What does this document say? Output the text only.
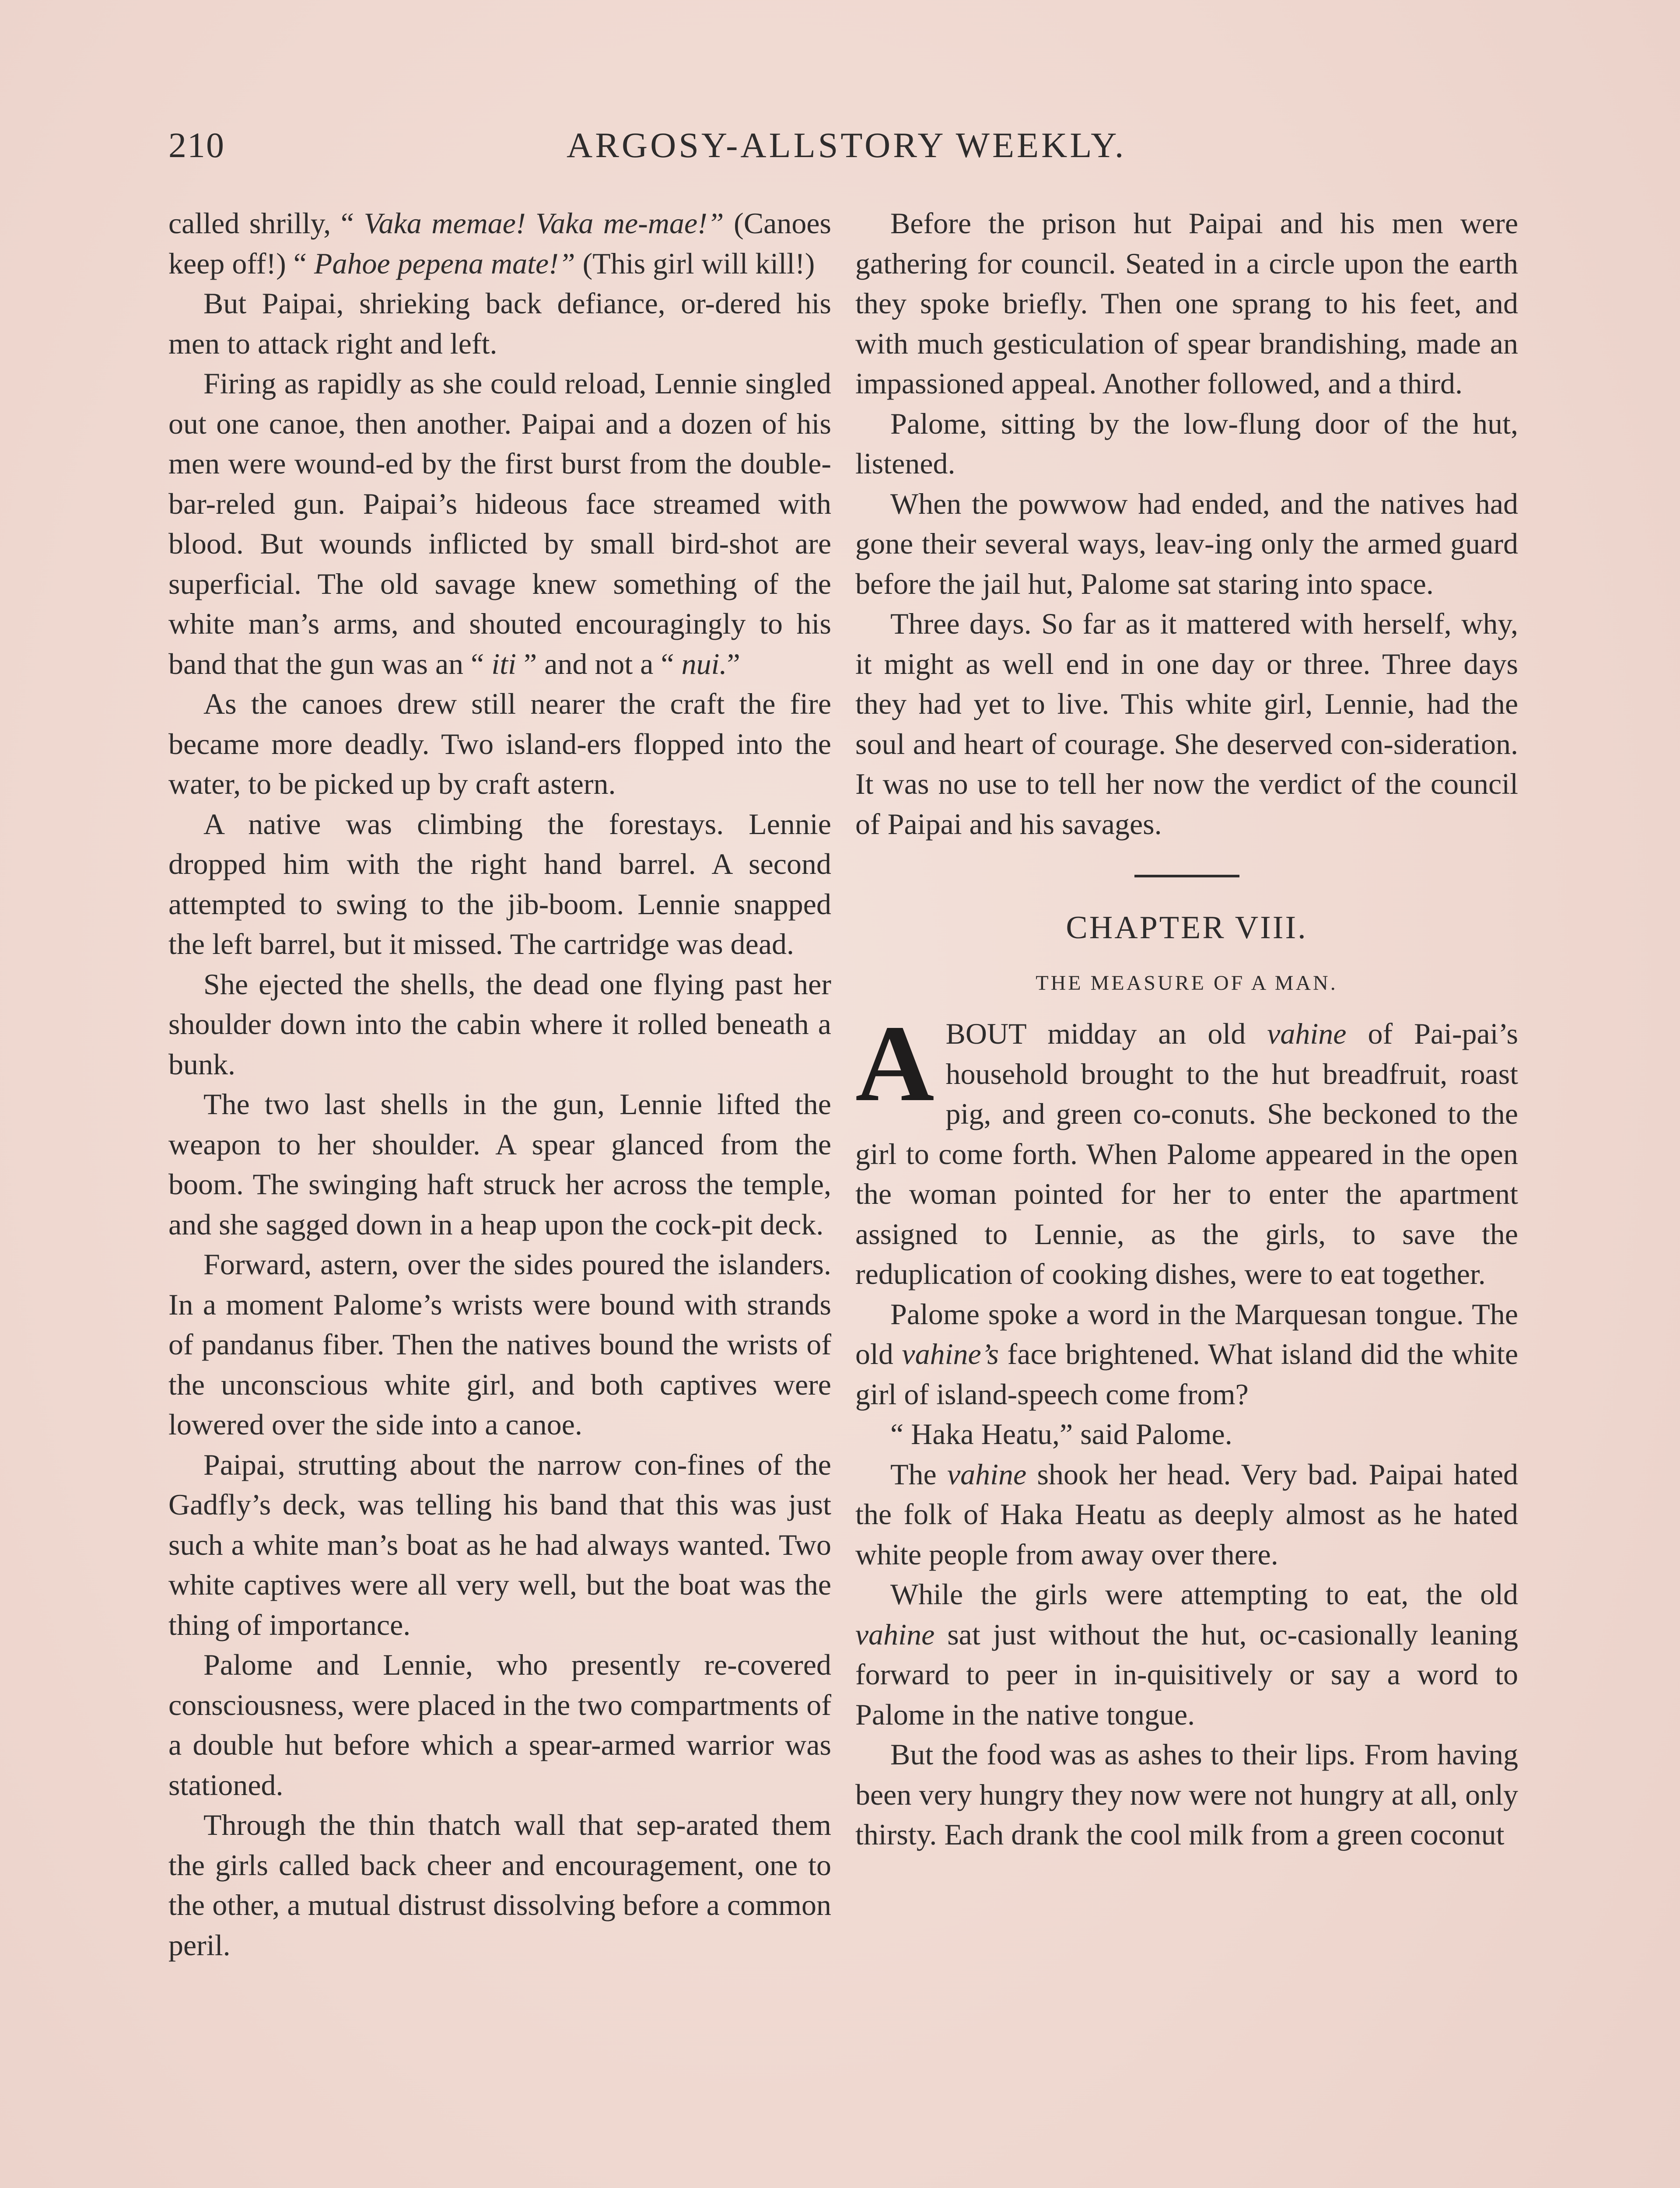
210	ARGOSY-ALLSTORY WEEKLY.

called shrilly, “ Vaka memae! Vaka me-mae!” (Canoes keep off!) “ Pahoe pepena mate!” (This girl will kill!)

But Paipai, shrieking back defiance, or-dered his men to attack right and left.

Firing as rapidly as she could reload, Lennie singled out one canoe, then another. Paipai and a dozen of his men were wound-ed by the first burst from the double-bar-reled gun. Paipai’s hideous face streamed with blood. But wounds inflicted by small bird-shot are superficial. The old savage knew something of the white man’s arms, and shouted encouragingly to his band that the gun was an “ iti ” and not a “ nui.”

As the canoes drew still nearer the craft the fire became more deadly. Two island-ers flopped into the water, to be picked up by craft astern.

A native was climbing the forestays. Lennie dropped him with the right hand barrel. A second attempted to swing to the jib-boom. Lennie snapped the left barrel, but it missed. The cartridge was dead.

She ejected the shells, the dead one flying past her shoulder down into the cabin where it rolled beneath a bunk.

The two last shells in the gun, Lennie lifted the weapon to her shoulder. A spear glanced from the boom. The swinging haft struck her across the temple, and she sagged down in a heap upon the cock-pit deck.

Forward, astern, over the sides poured the islanders. In a moment Palome’s wrists were bound with strands of pandanus fiber. Then the natives bound the wrists of the unconscious white girl, and both captives were lowered over the side into a canoe.

Paipai, strutting about the narrow con-fines of the Gadfly’s deck, was telling his band that this was just such a white man’s boat as he had always wanted. Two white captives were all very well, but the boat was the thing of importance.

Palome and Lennie, who presently re-covered consciousness, were placed in the two compartments of a double hut before which a spear-armed warrior was stationed.

Through the thin thatch wall that sep-arated them the girls called back cheer and encouragement, one to the other, a mutual distrust dissolving before a common peril.

Before the prison hut Paipai and his men were gathering for council. Seated in a circle upon the earth they spoke briefly. Then one sprang to his feet, and with much gesticulation of spear brandishing, made an impassioned appeal. Another followed, and a third.

Palome, sitting by the low-flung door of the hut, listened.

When the powwow had ended, and the natives had gone their several ways, leav-ing only the armed guard before the jail hut, Palome sat staring into space.

Three days. So far as it mattered with herself, why, it might as well end in one day or three. Three days they had yet to live. This white girl, Lennie, had the soul and heart of courage. She deserved con-sideration. It was no use to tell her now the verdict of the council of Paipai and his savages.

CHAPTER VIII.
THE MEASURE OF A MAN.

ABOUT midday an old vahine of Pai-pai’s household brought to the hut breadfruit, roast pig, and green co-conuts. She beckoned to the girl to come forth. When Palome appeared in the open the woman pointed for her to enter the apartment assigned to Lennie, as the girls, to save the reduplication of cooking dishes, were to eat together.

Palome spoke a word in the Marquesan tongue. The old vahine’s face brightened. What island did the white girl of island-speech come from?

“ Haka Heatu,” said Palome.

The vahine shook her head. Very bad. Paipai hated the folk of Haka Heatu as deeply almost as he hated white people from away over there.

While the girls were attempting to eat, the old vahine sat just without the hut, oc-casionally leaning forward to peer in in-quisitively or say a word to Palome in the native tongue.

But the food was as ashes to their lips. From having been very hungry they now were not hungry at all, only thirsty. Each drank the cool milk from a green coconut
